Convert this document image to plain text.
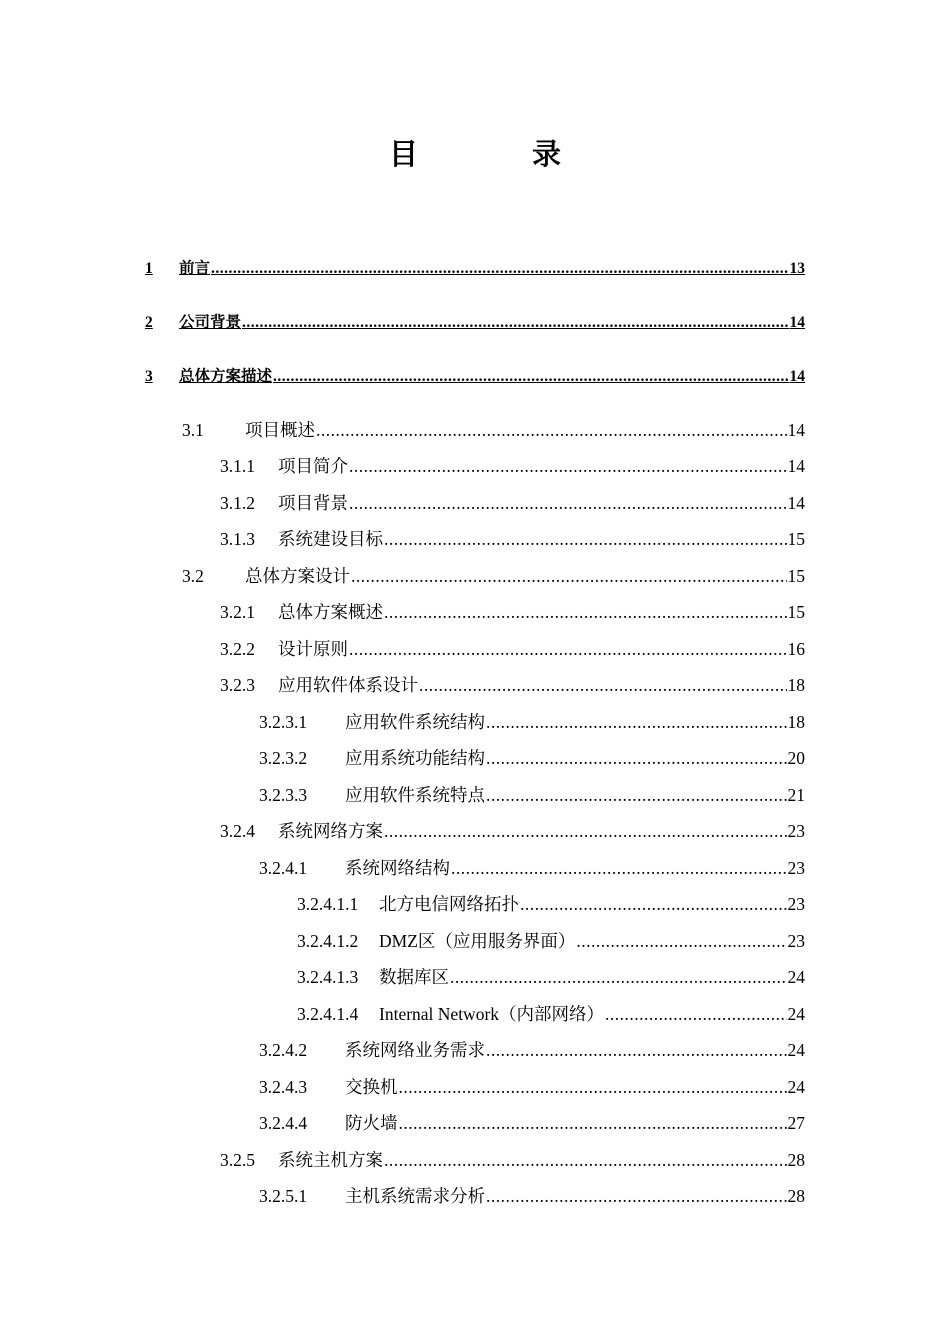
目 录
1	前言 .....	13
2	公司背景 .....	14
3	总体方案描述 .....	14
3.1	项目概述 .....	14
3.1.1	项目简介 .....	14
3.1.2	项目背景 .....	14
3.1.3	系统建设目标 .....	15
3.2	总体方案设计 .....	15
3.2.1	总体方案概述 .....	15
3.2.2	设计原则 .....	16
3.2.3	应用软件体系设计 .....	18
3.2.3.1	应用软件系统结构 .....	18
3.2.3.2	应用系统功能结构 .....	20
3.2.3.3	应用软件系统特点 .....	21
3.2.4	系统网络方案 .....	23
3.2.4.1	系统网络结构 .....	23
3.2.4.1.1	北方电信网络拓扑 .....	23
3.2.4.1.2	DMZ区（应用服务界面） .....	23
3.2.4.1.3	数据库区 .....	24
3.2.4.1.4	Internal Network（内部网络） .....	24
3.2.4.2	系统网络业务需求 .....	24
3.2.4.3	交换机 .....	24
3.2.4.4	防火墙 .....	27
3.2.5	系统主机方案 .....	28
3.2.5.1	主机系统需求分析 .....	28
